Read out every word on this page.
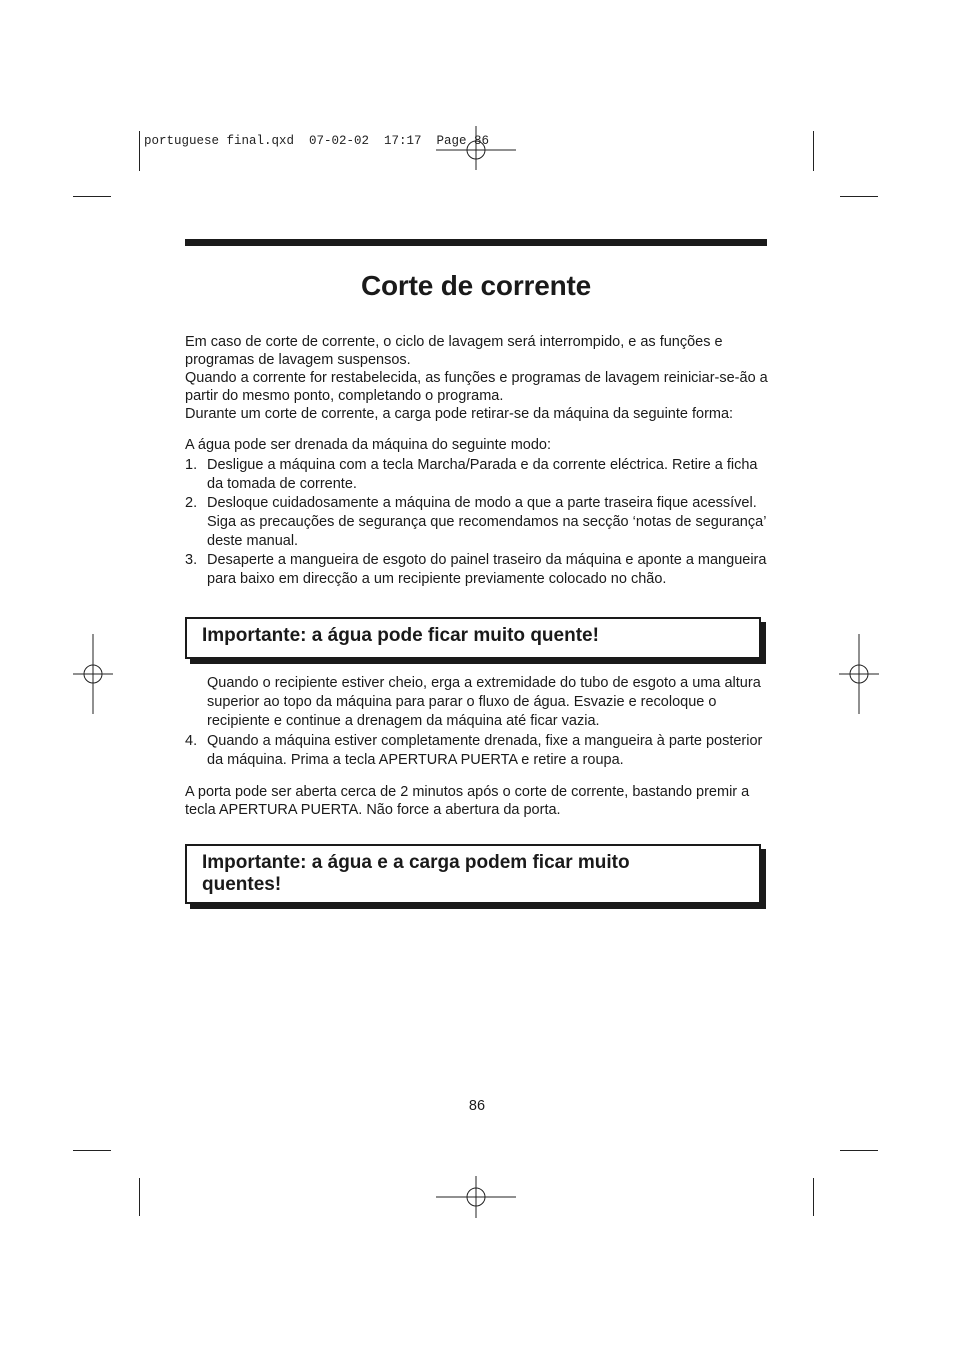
portuguese final.qxd  07-02-02  17:17  Page 86
Corte de corrente

Em caso de corte de corrente, o ciclo de lavagem será interrompido, e as funções e programas de lavagem suspensos.

Quando a corrente for restabelecida, as funções e programas de lavagem reiniciar-se-ão a partir do mesmo ponto, completando o programa.

Durante um corte de corrente, a carga pode retirar-se da máquina da seguinte forma:

A água pode ser drenada da máquina do seguinte modo:

1. Desligue a máquina com a tecla Marcha/Parada e da corrente eléctrica. Retire a ficha da tomada de corrente.
2. Desloque cuidadosamente a máquina de modo a que a parte traseira fique acessível. Siga as precauções de segurança que recomendamos na secção ‘notas de segurança’ deste manual.
3. Desaperte a mangueira de esgoto do painel traseiro da máquina e aponte a mangueira para baixo em direcção a um recipiente previamente colocado no chão.
Importante: a água pode ficar muito quente!
Quando o recipiente estiver cheio, erga a extremidade do tubo de esgoto a uma altura superior ao topo da máquina para parar o fluxo de água. Esvazie e recoloque o recipiente e continue a drenagem da máquina até ficar vazia.
4. Quando a máquina estiver completamente drenada, fixe a mangueira à parte posterior da máquina. Prima a tecla APERTURA PUERTA e retire a roupa.

A porta pode ser aberta cerca de 2 minutos após o corte de corrente, bastando premir a tecla APERTURA PUERTA. Não force a abertura da porta.

Importante: a água e a carga podem ficar muito quentes!
86
